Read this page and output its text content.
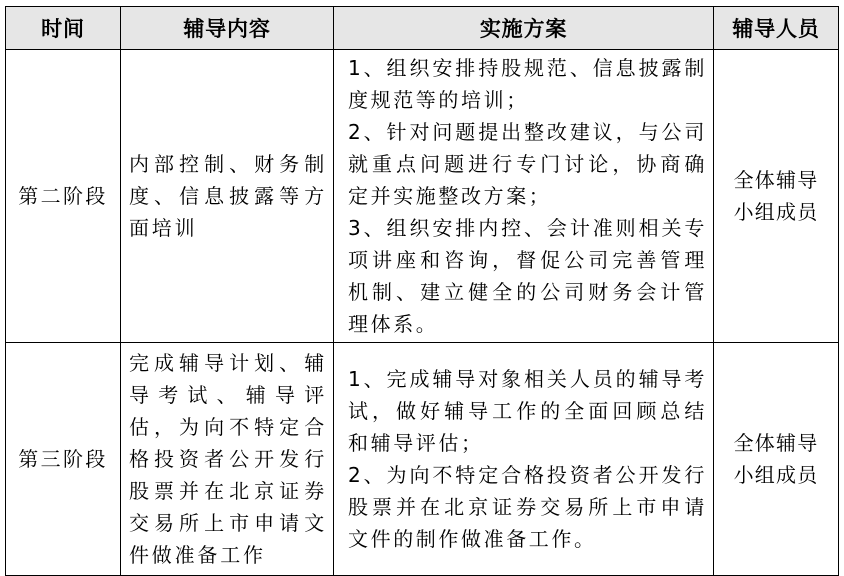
时间	辅导内容	实施方案	辅导人员
第二阶段	内部控制、财务制度、信息披露等方面培训	1、组织安排持股规范、信息披露制度规范等的培训；
2、针对问题提出整改建议，与公司就重点问题进行专门讨论，协商确定并实施整改方案；
3、组织安排内控、会计准则相关专项讲座和咨询，督促公司完善管理机制、建立健全的公司财务会计管理体系。	全体辅导
小组成员

第三阶段	完成辅导计划、辅导考试、辅导评估，为向不特定合格投资者公开发行股票并在北京证券交易所上市申请文件做准备工作	1、完成辅导对象相关人员的辅导考试，做好辅导工作的全面回顾总结和辅导评估；
2、为向不特定合格投资者公开发行股票并在北京证券交易所上市申请文件的制作做准备工作。	全体辅导
小组成员
